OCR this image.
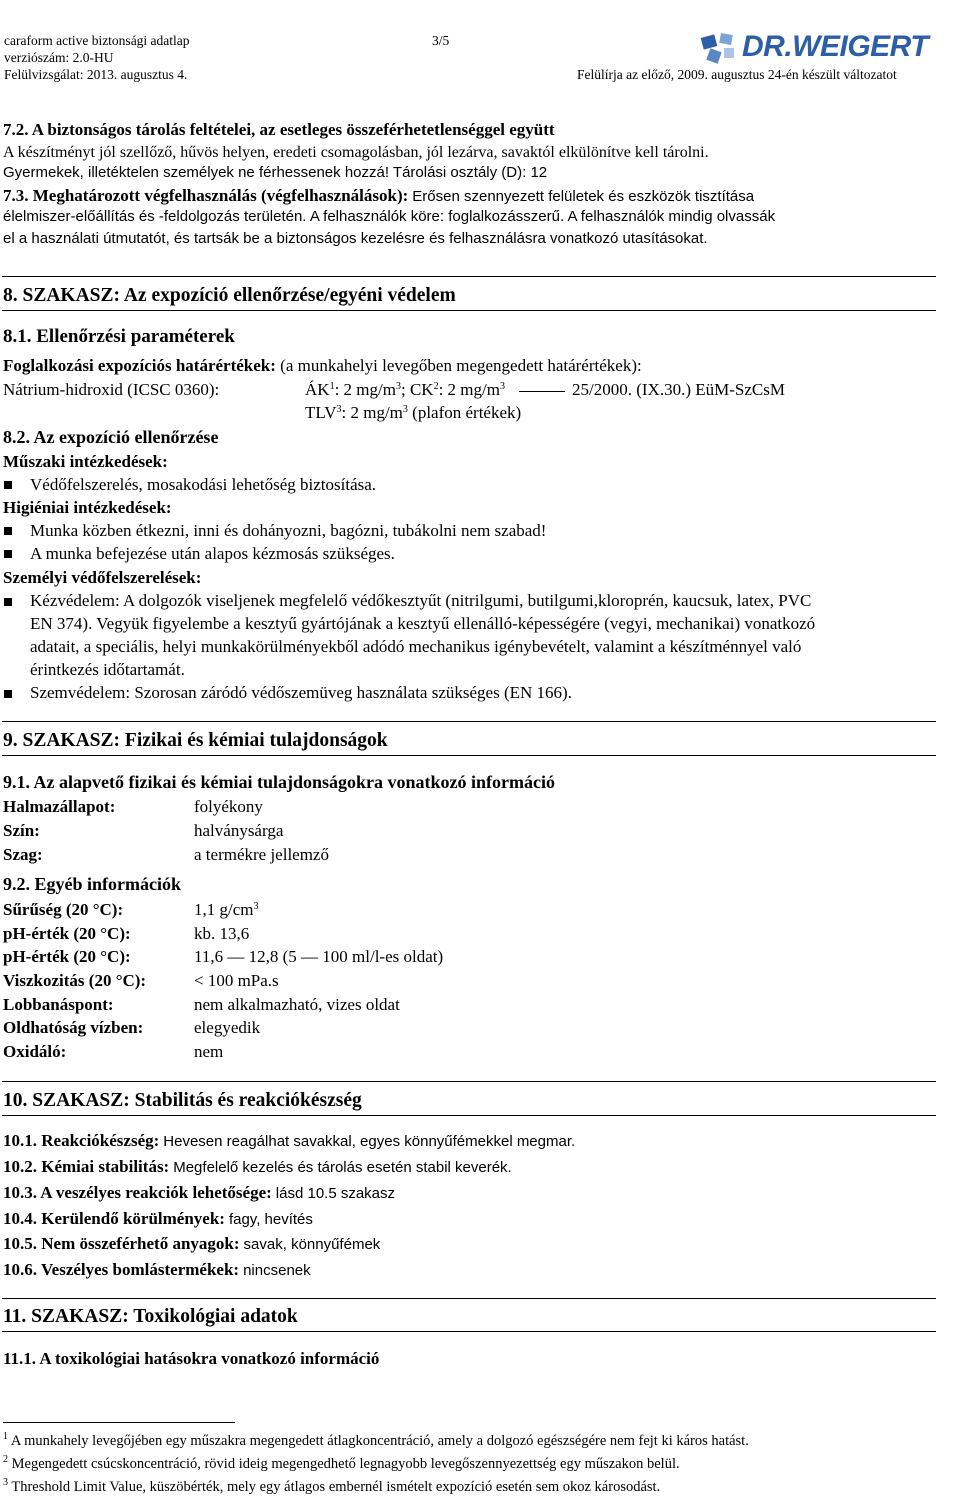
caraform active biztonsági adatlap	3/5
verziószám: 2.0-HU
Felülvizsgálat: 2013. augusztus 4.	Felülírja az előző, 2009. augusztus 24-én készült változatot
DR.WEIGERT
7.2. A biztonságos tárolás feltételei, az esetleges összeférhetetlenséggel együtt
A készítményt jól szellőző, hűvös helyen, eredeti csomagolásban, jól lezárva, savaktól elkülönítve kell tárolni.
Gyermekek, illetéktelen személyek ne férhessenek hozzá! Tárolási osztály (D): 12
7.3. Meghatározott végfelhasználás (végfelhasználások): Erősen szennyezett felületek és eszközök tisztítása
élelmiszer-előállítás és -feldolgozás területén. A felhasználók köre: foglalkozásszerű. A felhasználók mindig olvassák
el a használati útmutatót, és tartsák be a biztonságos kezelésre és felhasználásra vonatkozó utasításokat.
8. SZAKASZ: Az expozíció ellenőrzése/egyéni védelem
8.1. Ellenőrzési paraméterek
Foglalkozási expozíciós határértékek: (a munkahelyi levegőben megengedett határértékek):
Nátrium-hidroxid (ICSC 0360):	$ÁK^1$: 2 $mg/m^3$; $CK^2$: 2 $mg/m^3$	25/2000. (IX.30.) EüM-SzCsM
TLV$^3$: 2 $mg/m^3$ (plafon értékek)
8.2. Az expozíció ellenőrzése
Műszaki intézkedések:
Védőfelszerelés, mosakodási lehetőség biztosítása.
Higiéniai intézkedések:
Munka közben étkezni, inni és dohányozni, bagózni, tubákolni nem szabad!
A munka befejezése után alapos kézmosás szükséges.
Személyi védőfelszerelések:
Kézvédelem: A dolgozók viseljenek megfelelő védőkesztyűt (nitrilgumi, butilgumi,kloroprén, kaucsuk, latex, PVC
EN 374). Vegyük figyelembe a kesztyű gyártójának a kesztyű ellenálló-képességére (vegyi, mechanikai) vonatkozó
adatait, a speciális, helyi munkakörülményekből adódó mechanikus igénybevételt, valamint a készítménnyel való
érintkezés időtartamát.
Szemvédelem: Szorosan záródó védőszemüveg használata szükséges (EN 166).
9. SZAKASZ: Fizikai és kémiai tulajdonságok
9.1. Az alapvető fizikai és kémiai tulajdonságokra vonatkozó információ
Halmazállapot:	folyékony
Szín:	halványsárga
Szag:	a termékre jellemző
9.2. Egyéb információk
Sűrűség (20 °C):	1,1 $g/cm^3$
pH-érték (20 °C):	kb. 13,6
pH-érték (20 °C):	11,6 — 12,8 (5 — 100 ml/l-es oldat)
Viszkozitás (20 °C):	< 100 mPa.s
Lobbanáspont:	nem alkalmazható, vizes oldat
Oldhatóság vízben:	elegyedik
Oxidáló:	nem
10. SZAKASZ: Stabilitás és reakciókészség
10.1. Reakciókészség: Hevesen reagálhat savakkal, egyes könnyűfémekkel megmar.
10.2. Kémiai stabilitás: Megfelelő kezelés és tárolás esetén stabil keverék.
10.3. A veszélyes reakciók lehetősége: lásd 10.5 szakasz
10.4. Kerülendő körülmények: fagy, hevítés
10.5. Nem összeférhető anyagok: savak, könnyűfémek
10.6. Veszélyes bomlástermékek: nincsenek
11. SZAKASZ: Toxikológiai adatok
11.1. A toxikológiai hatásokra vonatkozó információ
$^1$ A munkahely levegőjében egy műszakra megengedett átlagkoncentráció, amely a dolgozó egészségére nem fejt ki káros hatást.
$^2$ Megengedett csúcskoncentráció, rövid ideig megengedhető legnagyobb levegőszennyezettség egy műszakon belül.
$^3$ Threshold Limit Value, küszöbérték, mely egy átlagos embernél ismételt expozíció esetén sem okoz károsodást.
